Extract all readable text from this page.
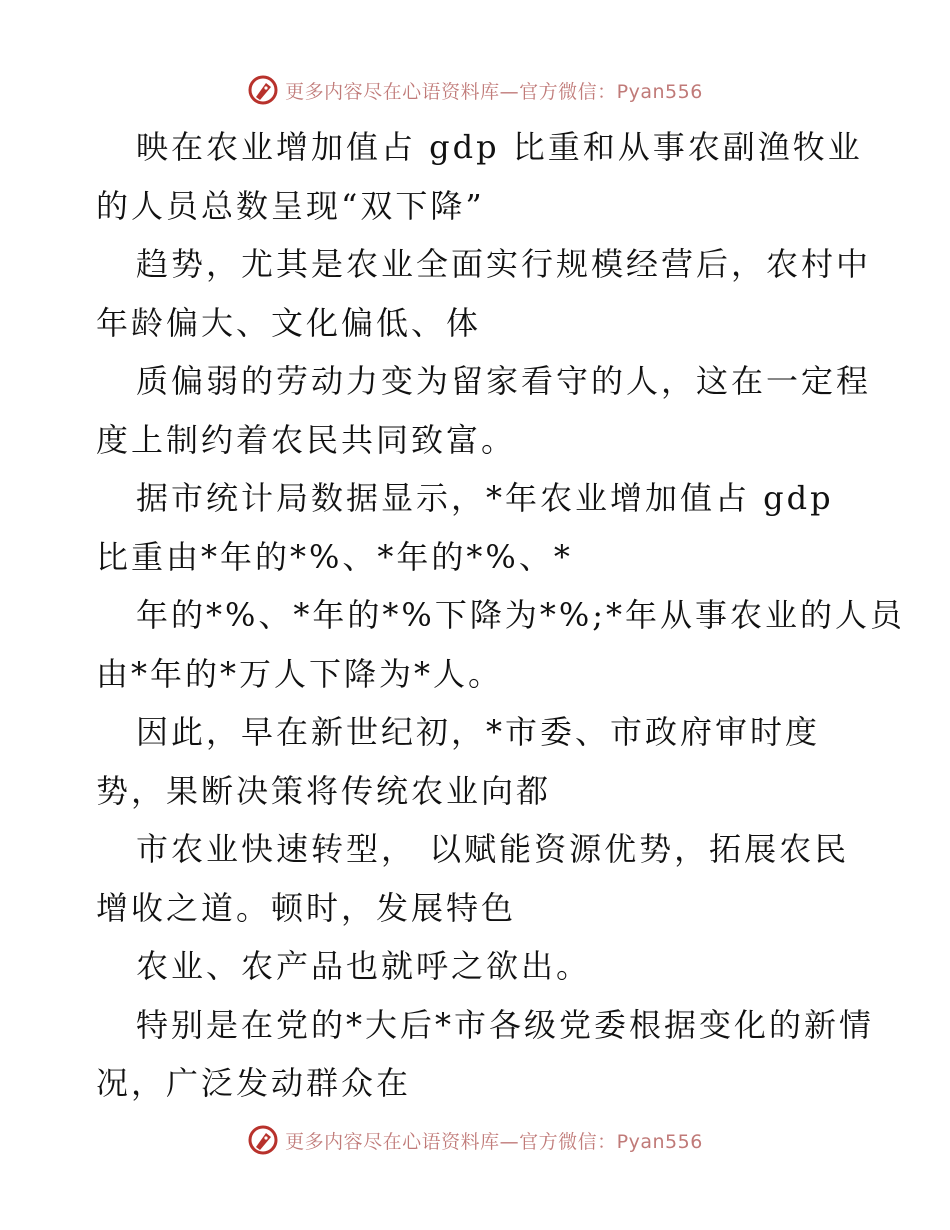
更多内容尽在心语资料库—官方微信：Pyan556
映在农业增加值占 gdp 比重和从事农副渔牧业
的人员总数呈现“双下降”
趋势，尤其是农业全面实行规模经营后，农村中
年龄偏大、文化偏低、体
质偏弱的劳动力变为留家看守的人，这在一定程
度上制约着农民共同致富。
据市统计局数据显示，*年农业增加值占 gdp
比重由*年的*%、*年的*%、*
年的*%、*年的*%下降为*%;*年从事农业的人员
由*年的*万人下降为*人。
因此，早在新世纪初，*市委、市政府审时度
势，果断决策将传统农业向都
市农业快速转型， 以赋能资源优势，拓展农民
增收之道。顿时，发展特色
农业、农产品也就呼之欲出。
特别是在党的*大后*市各级党委根据变化的新情
况，广泛发动群众在
更多内容尽在心语资料库—官方微信：Pyan556
